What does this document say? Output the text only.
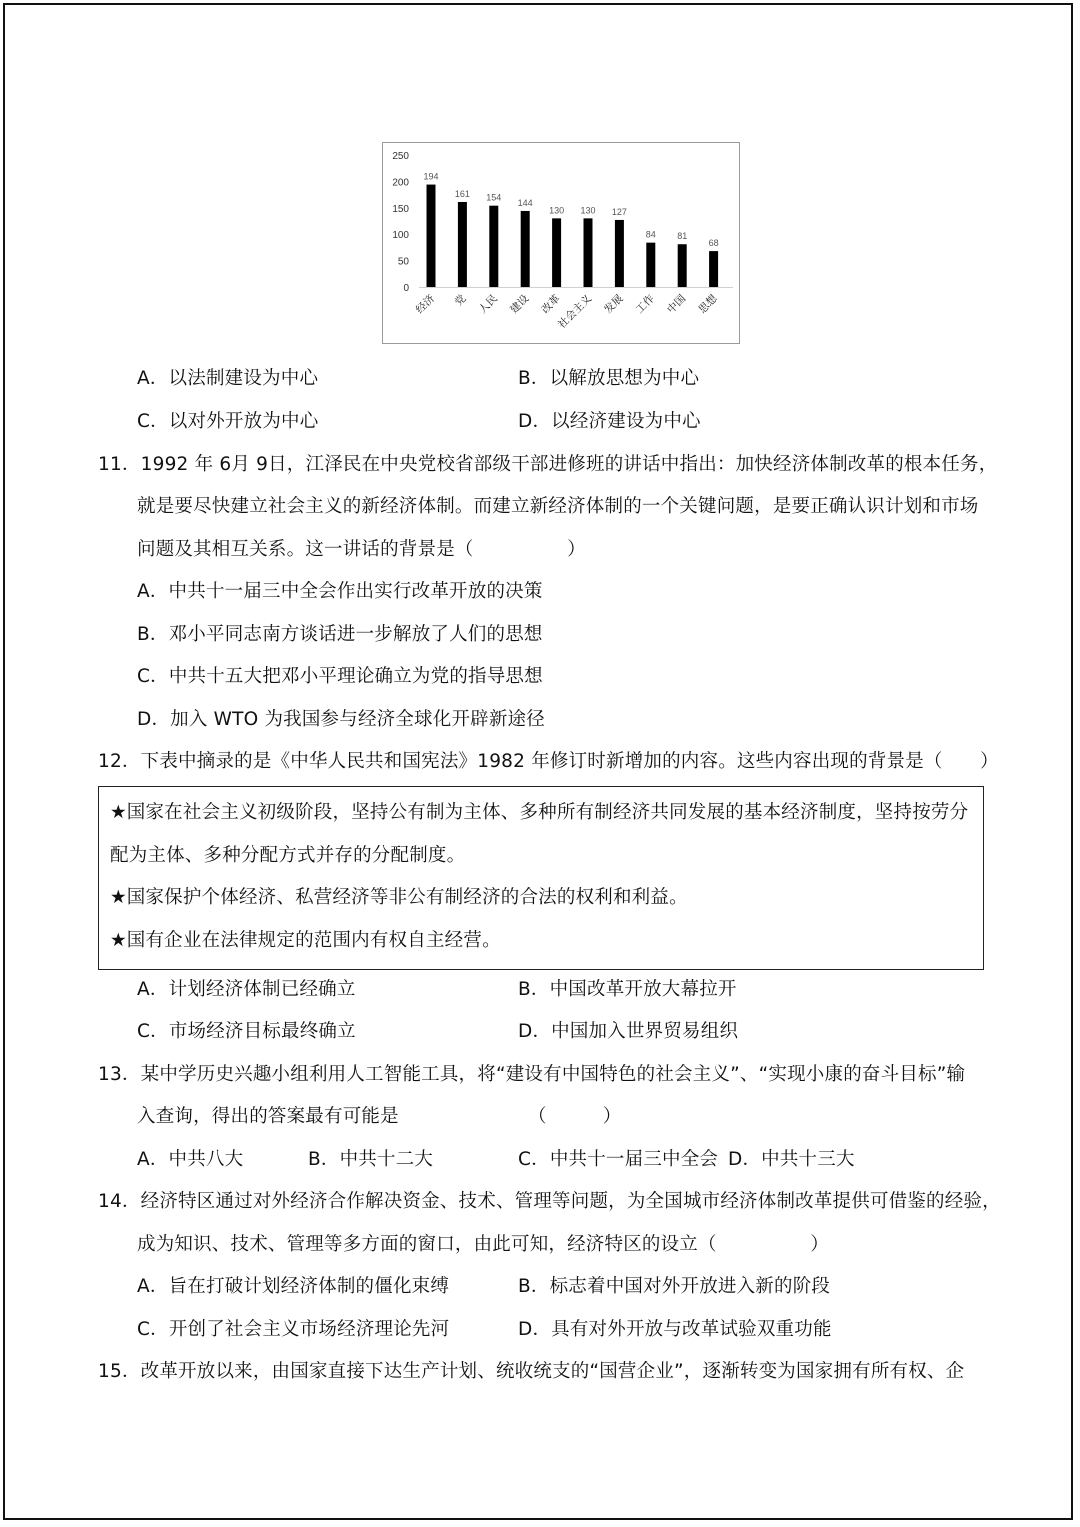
0
50
100
150
200
250
194
经济
161
党
154
人民
144
建设
130
改革
130
社会主义
127
发展
84
工作
81
中国
68
思想
A．以法制建设为中心	B．以解放思想为中心
C．以对外开放为中心	D．以经济建设为中心
11．1992 年 6月 9日，江泽民在中央党校省部级干部进修班的讲话中指出：加快经济体制改革的根本任务，
就是要尽快建立社会主义的新经济体制。而建立新经济体制的一个关键问题，是要正确认识计划和市场
问题及其相互关系。这一讲话的背景是（　　　　　）
A．中共十一届三中全会作出实行改革开放的决策
B．邓小平同志南方谈话进一步解放了人们的思想
C．中共十五大把邓小平理论确立为党的指导思想
D．加入 WTO 为我国参与经济全球化开辟新途径
12．下表中摘录的是《中华人民共和国宪法》1982 年修订时新增加的内容。这些内容出现的背景是（　　）
★国家在社会主义初级阶段，坚持公有制为主体、多种所有制经济共同发展的基本经济制度，坚持按劳分
配为主体、多种分配方式并存的分配制度。
★国家保护个体经济、私营经济等非公有制经济的合法的权利和利益。
★国有企业在法律规定的范围内有权自主经营。
A．计划经济体制已经确立	B．中国改革开放大幕拉开
C．市场经济目标最终确立	D．中国加入世界贸易组织
13．某中学历史兴趣小组利用人工智能工具，将“建设有中国特色的社会主义”、“实现小康的奋斗目标”输
入查询，得出的答案最有可能是	（　　　）
A．中共八大	B．中共十二大	C．中共十一届三中全会 D．中共十三大
14．经济特区通过对外经济合作解决资金、技术、管理等问题，为全国城市经济体制改革提供可借鉴的经验，
成为知识、技术、管理等多方面的窗口，由此可知，经济特区的设立（　　　　　）
A．旨在打破计划经济体制的僵化束缚	B．标志着中国对外开放进入新的阶段
C．开创了社会主义市场经济理论先河	D．具有对外开放与改革试验双重功能
15．改革开放以来，由国家直接下达生产计划、统收统支的“国营企业”，逐渐转变为国家拥有所有权、企
